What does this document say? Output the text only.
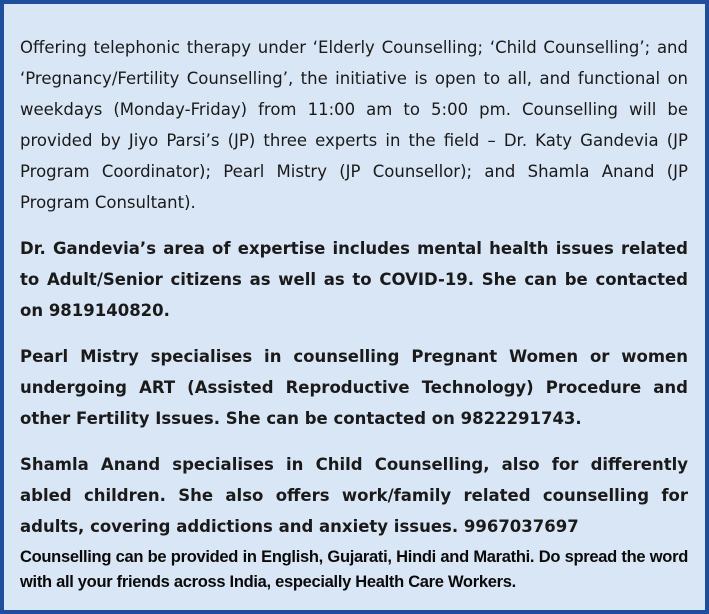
Offering telephonic therapy under ‘Elderly Counselling; ‘Child Counselling’; and ‘Pregnancy/Fertility Counselling’, the initiative is open to all, and functional on weekdays (Monday-Friday) from 11:00 am to 5:00 pm. Counselling will be provided by Jiyo Parsi’s (JP) three experts in the field – Dr. Katy Gandevia (JP Program Coordinator); Pearl Mistry (JP Counsellor); and Shamla Anand (JP Program Consultant).

Dr. Gandevia’s area of expertise includes mental health issues related to Adult/Senior citizens as well as to COVID-19. She can be contacted on 9819140820.

Pearl Mistry specialises in counselling Pregnant Women or women undergoing ART (Assisted Reproductive Technology) Procedure and other Fertility Issues. She can be contacted on 9822291743.

Shamla Anand specialises in Child Counselling, also for differently abled children. She also offers work/family related counselling for adults, covering addictions and anxiety issues. 9967037697

Counselling can be provided in English, Gujarati, Hindi and Marathi. Do spread the word with all your friends across India, especially Health Care Workers.
